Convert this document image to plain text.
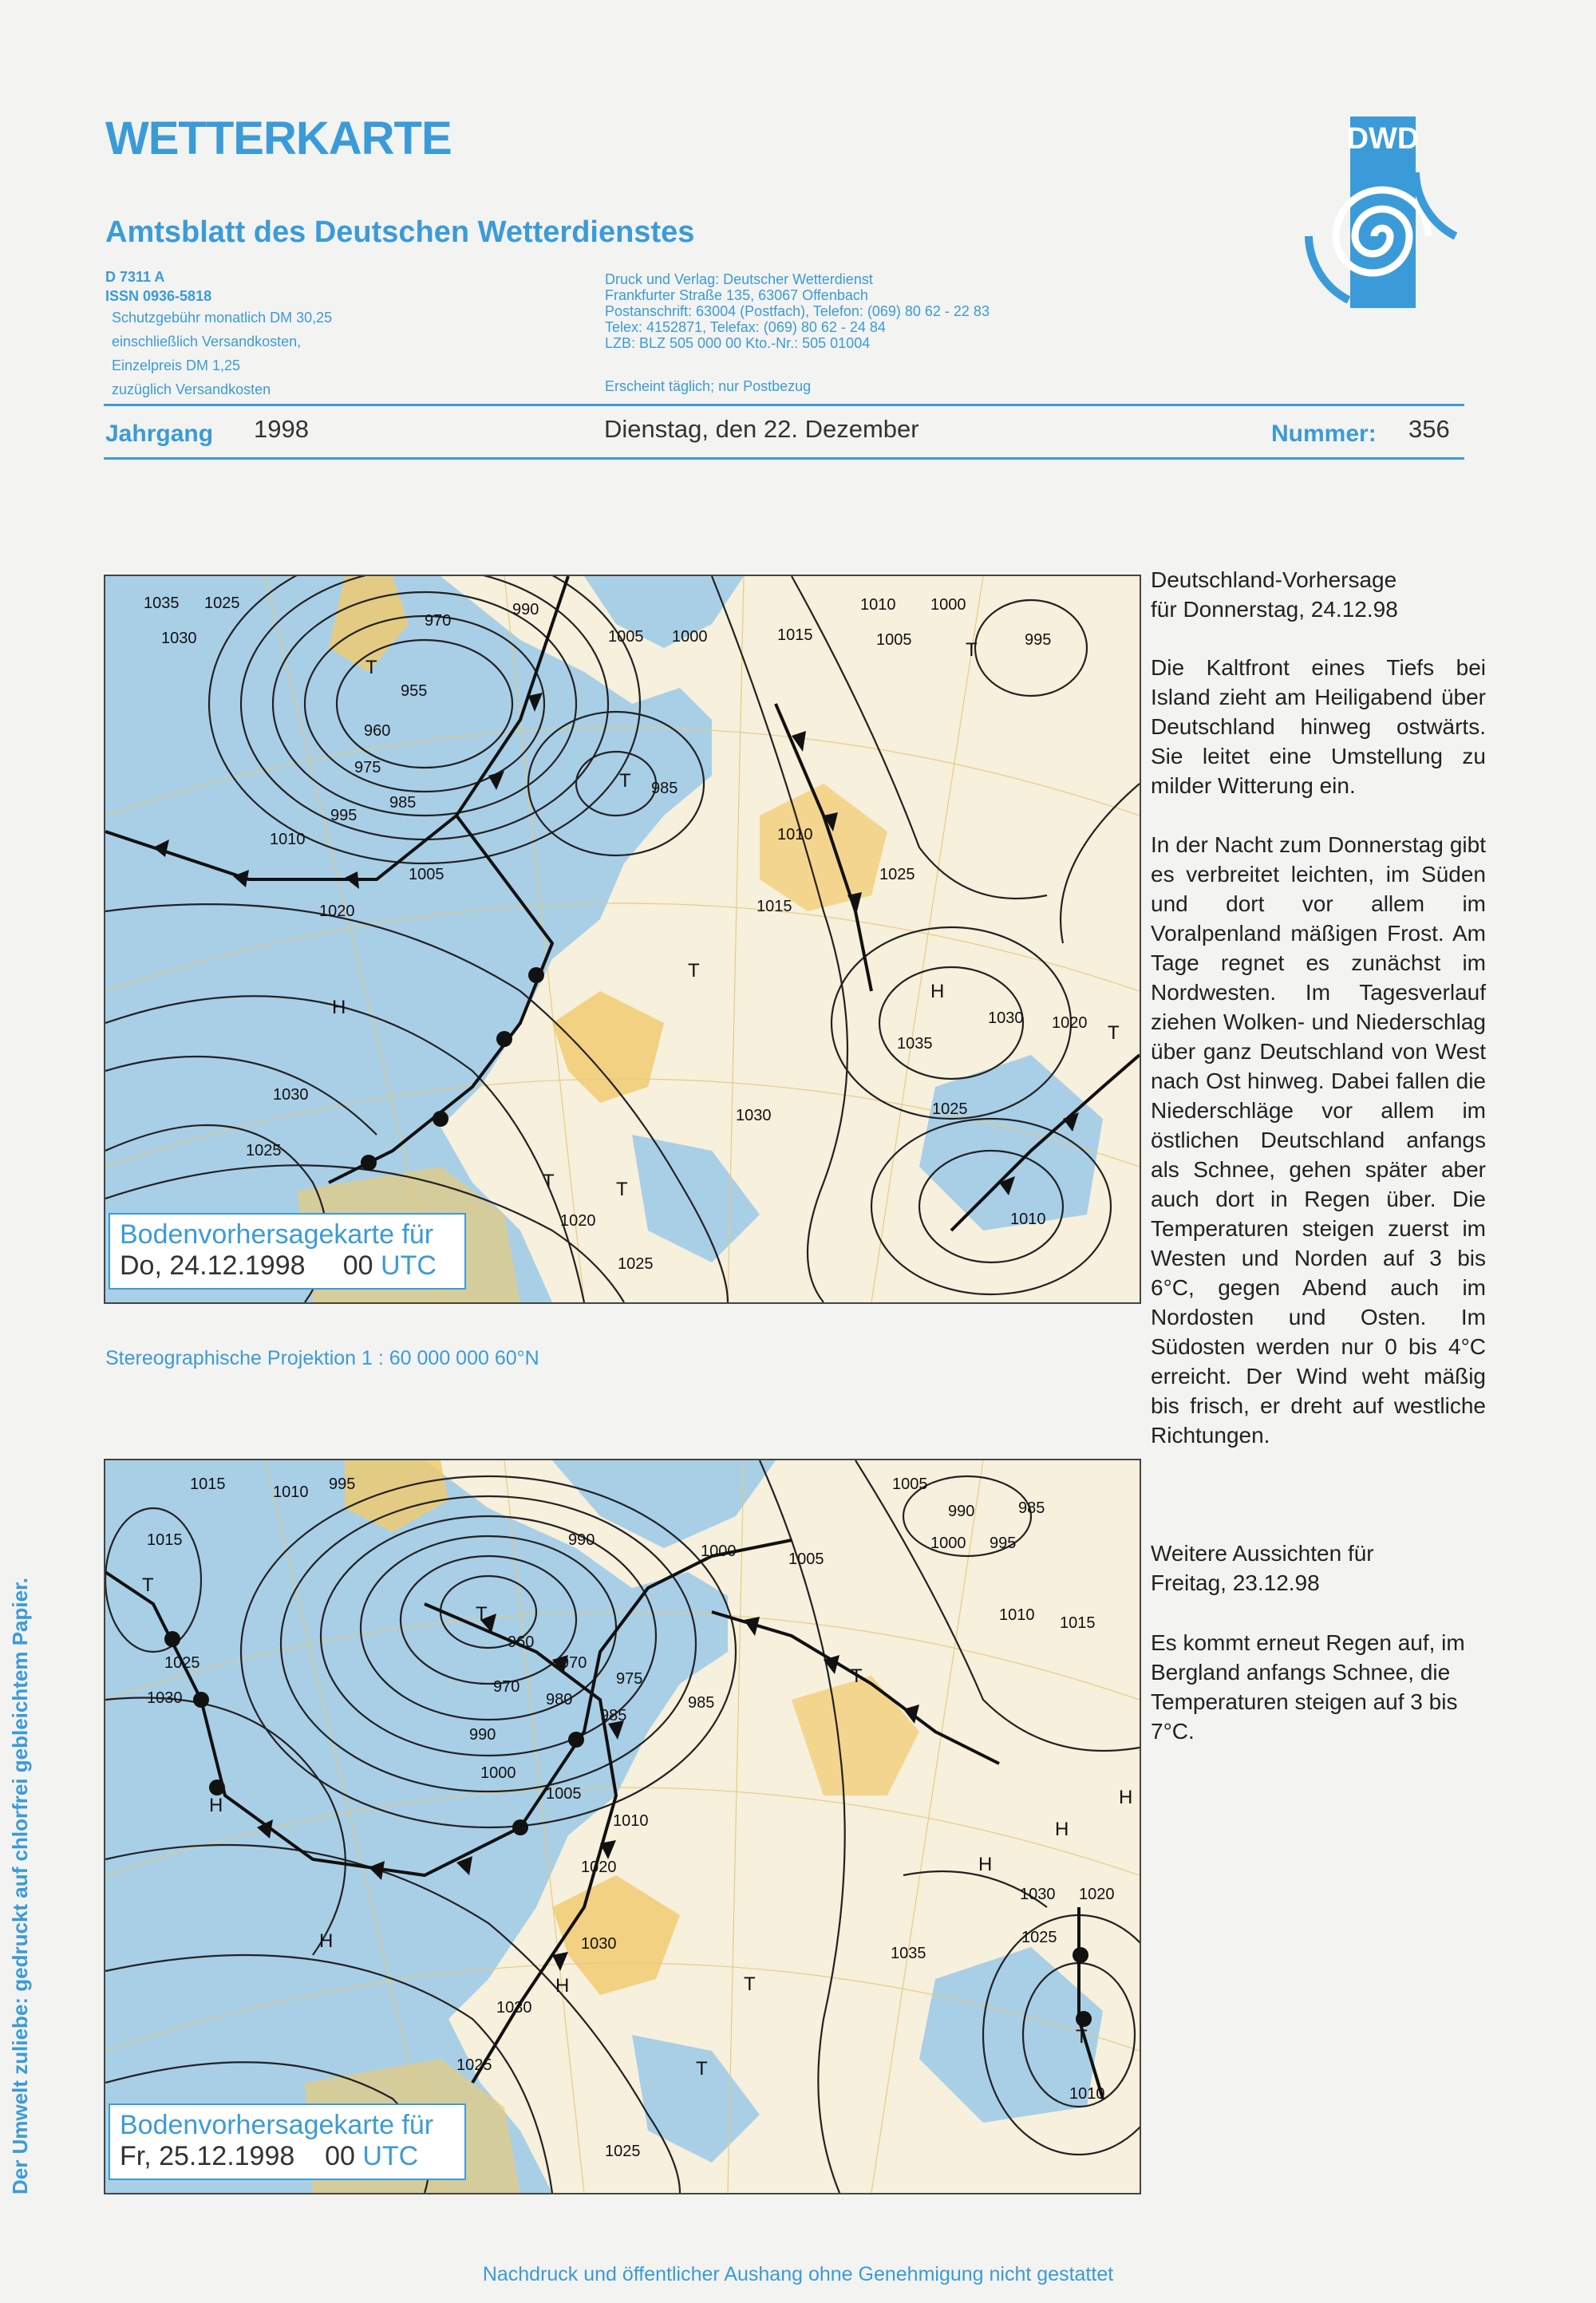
WETTERKARTE
Amtsblatt des Deutschen Wetterdienstes
D 7311 A
ISSN 0936-5818
Schutzgebühr monatlich DM 30,25
einschließlich Versandkosten,
Einzelpreis DM 1,25
zuzüglich Versandkosten
Druck und Verlag: Deutscher Wetterdienst
Frankfurter Straße 135, 63067 Offenbach
Postanschrift: 63004 (Postfach), Telefon: (069) 80 62 - 22 83
Telex: 4152871, Telefax: (069) 80 62 - 24 84
LZB: BLZ 505 000 00 Kto.-Nr.: 505 01004
Erscheint täglich; nur Postbezug
DWD
Jahrgang 1998	Dienstag, den 22. Dezember	Nummer: 356
1035 1025
1030
970
990
1005 1000	1015
1010 1000
1005	995
955
960
975
985
995
1010
1005
1020
985
1010
1015
1025
1030 1020
1035
1030
1025
1030	1025
1020
1025
1010
T
T
T
T
T
T	T
H
H
Bodenvorhersagekarte für
Do, 24.12.1998 00 UTC
Stereographische Projektion 1 : 60 000 000 60°N
1015	1010 995
1015	990
1000	1005
1005
990	985
1000 995
1010 1015
960
970
975
970
980
985
985
990
1000
1005
1010
1020
1025
1030
1030
1035
1030
1020
1025
1010
1030
1025
1025
T
T
T
T
T
T
H
H
H
H
H
H
Bodenvorhersagekarte für
Fr, 25.12.1998 00 UTC
Deutschland-Vorhersage
für Donnerstag, 24.12.98
Die Kaltfront eines Tiefs bei Island zieht am Heiligabend über Deutschland hinweg ostwärts. Sie leitet eine Umstellung zu milder Witterung ein.
In der Nacht zum Donnerstag gibt es verbreitet leichten, im Süden und dort vor allem im Voralpenland mäßigen Frost. Am Tage regnet es zunächst im Nordwesten. Im Tagesverlauf ziehen Wolken- und Niederschlag über ganz Deutschland von West nach Ost hinweg. Dabei fallen die Niederschläge vor allem im östlichen Deutschland anfangs als Schnee, gehen später aber auch dort in Regen über. Die Temperaturen steigen zuerst im Westen und Norden auf 3 bis 6°C, gegen Abend auch im Nordosten und Osten. Im Südosten werden nur 0 bis 4°C erreicht. Der Wind weht mäßig bis frisch, er dreht auf westliche Richtungen.
Weitere Aussichten für
Freitag, 23.12.98
Es kommt erneut Regen auf, im Bergland anfangs Schnee, die Temperaturen steigen auf 3 bis 7°C.
Der Umwelt zuliebe: gedruckt auf chlorfrei gebleichtem Papier.
Nachdruck und öffentlicher Aushang ohne Genehmigung nicht gestattet
